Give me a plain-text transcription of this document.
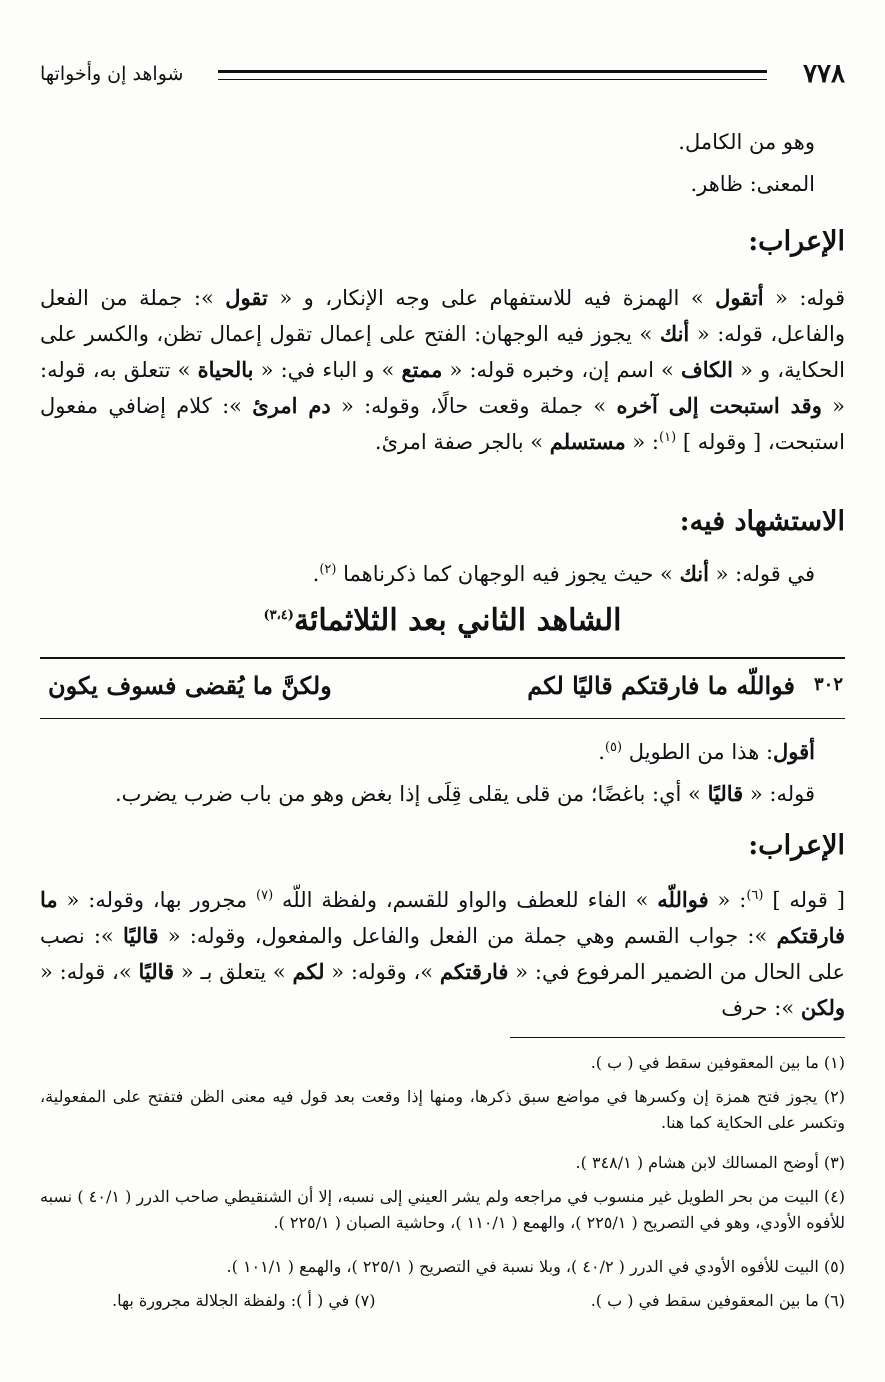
٧٧٨
شواهد إن وأخواتها
وهو من الكامل.
المعنى: ظاهر.
الإعراب:
قوله: « أتقول » الهمزة فيه للاستفهام على وجه الإنكار، و « تقول »: جملة من الفعل والفاعل، قوله: « أنك » يجوز فيه الوجهان: الفتح على إعمال تقول إعمال تظن، والكسر على الحكاية، و « الكاف » اسم إن، وخبره قوله: « ممتع » و الباء في: « بالحياة » تتعلق به، قوله: « وقد استبحت إلى آخره » جملة وقعت حالًا، وقوله: « دم امرئ »: كلام إضافي مفعول استبحت، [ وقوله ] $^{(١)}$: « مستسلم » بالجر صفة امرئ.
الاستشهاد فيه:
في قوله: « أنك » حيث يجوز فيه الوجهان كما ذكرناهما $^{(٢)}$.
الشاهد الثاني بعد الثلاثمائة$^{(٣،٤)}$
٣٠٢
فواللّه ما فارقتكم قاليًا لكم
ولكنَّ ما يُقضى فسوف يكون
أقول: هذا من الطويل $^{(٥)}$.
قوله: « قاليًا » أي: باغضًا؛ من قلى يقلى قِلَى إذا بغض وهو من باب ضرب يضرب.
الإعراب:
[ قوله ] $^{(٦)}$: « فواللّه » الفاء للعطف والواو للقسم، ولفظة اللّه $^{(٧)}$ مجرور بها، وقوله: « ما فارقتكم »: جواب القسم وهي جملة من الفعل والفاعل والمفعول، وقوله: « قاليًا »: نصب على الحال من الضمير المرفوع في: « فارقتكم »، وقوله: « لكم » يتعلق بـ « قاليًا »، قوله: « ولكن »: حرف
(١) ما بين المعقوفين سقط في ( ب ).
(٢) يجوز فتح همزة إن وكسرها في مواضع سبق ذكرها، ومنها إذا وقعت بعد قول فيه معنى الظن فتفتح على المفعولية، وتكسر على الحكاية كما هنا.
(٣) أوضح المسالك لابن هشام ( ٣٤٨/١ ).
(٤) البيت من بحر الطويل غير منسوب في مراجعه ولم يشر العيني إلى نسبه، إلا أن الشنقيطي صاحب الدرر ( ٤٠/١ ) نسبه للأفوه الأودي، وهو في التصريح ( ٢٢٥/١ )، والهمع ( ١١٠/١ )، وحاشية الصبان ( ٢٢٥/١ ).
(٥) البيت للأفوه الأودي في الدرر ( ٤٠/٢ )، وبلا نسبة في التصريح ( ٢٢٥/١ )، والهمع ( ١٠١/١ ).
(٦) ما بين المعقوفين سقط في ( ب ).
(٧) في ( أ ): ولفظة الجلالة مجرورة بها.
